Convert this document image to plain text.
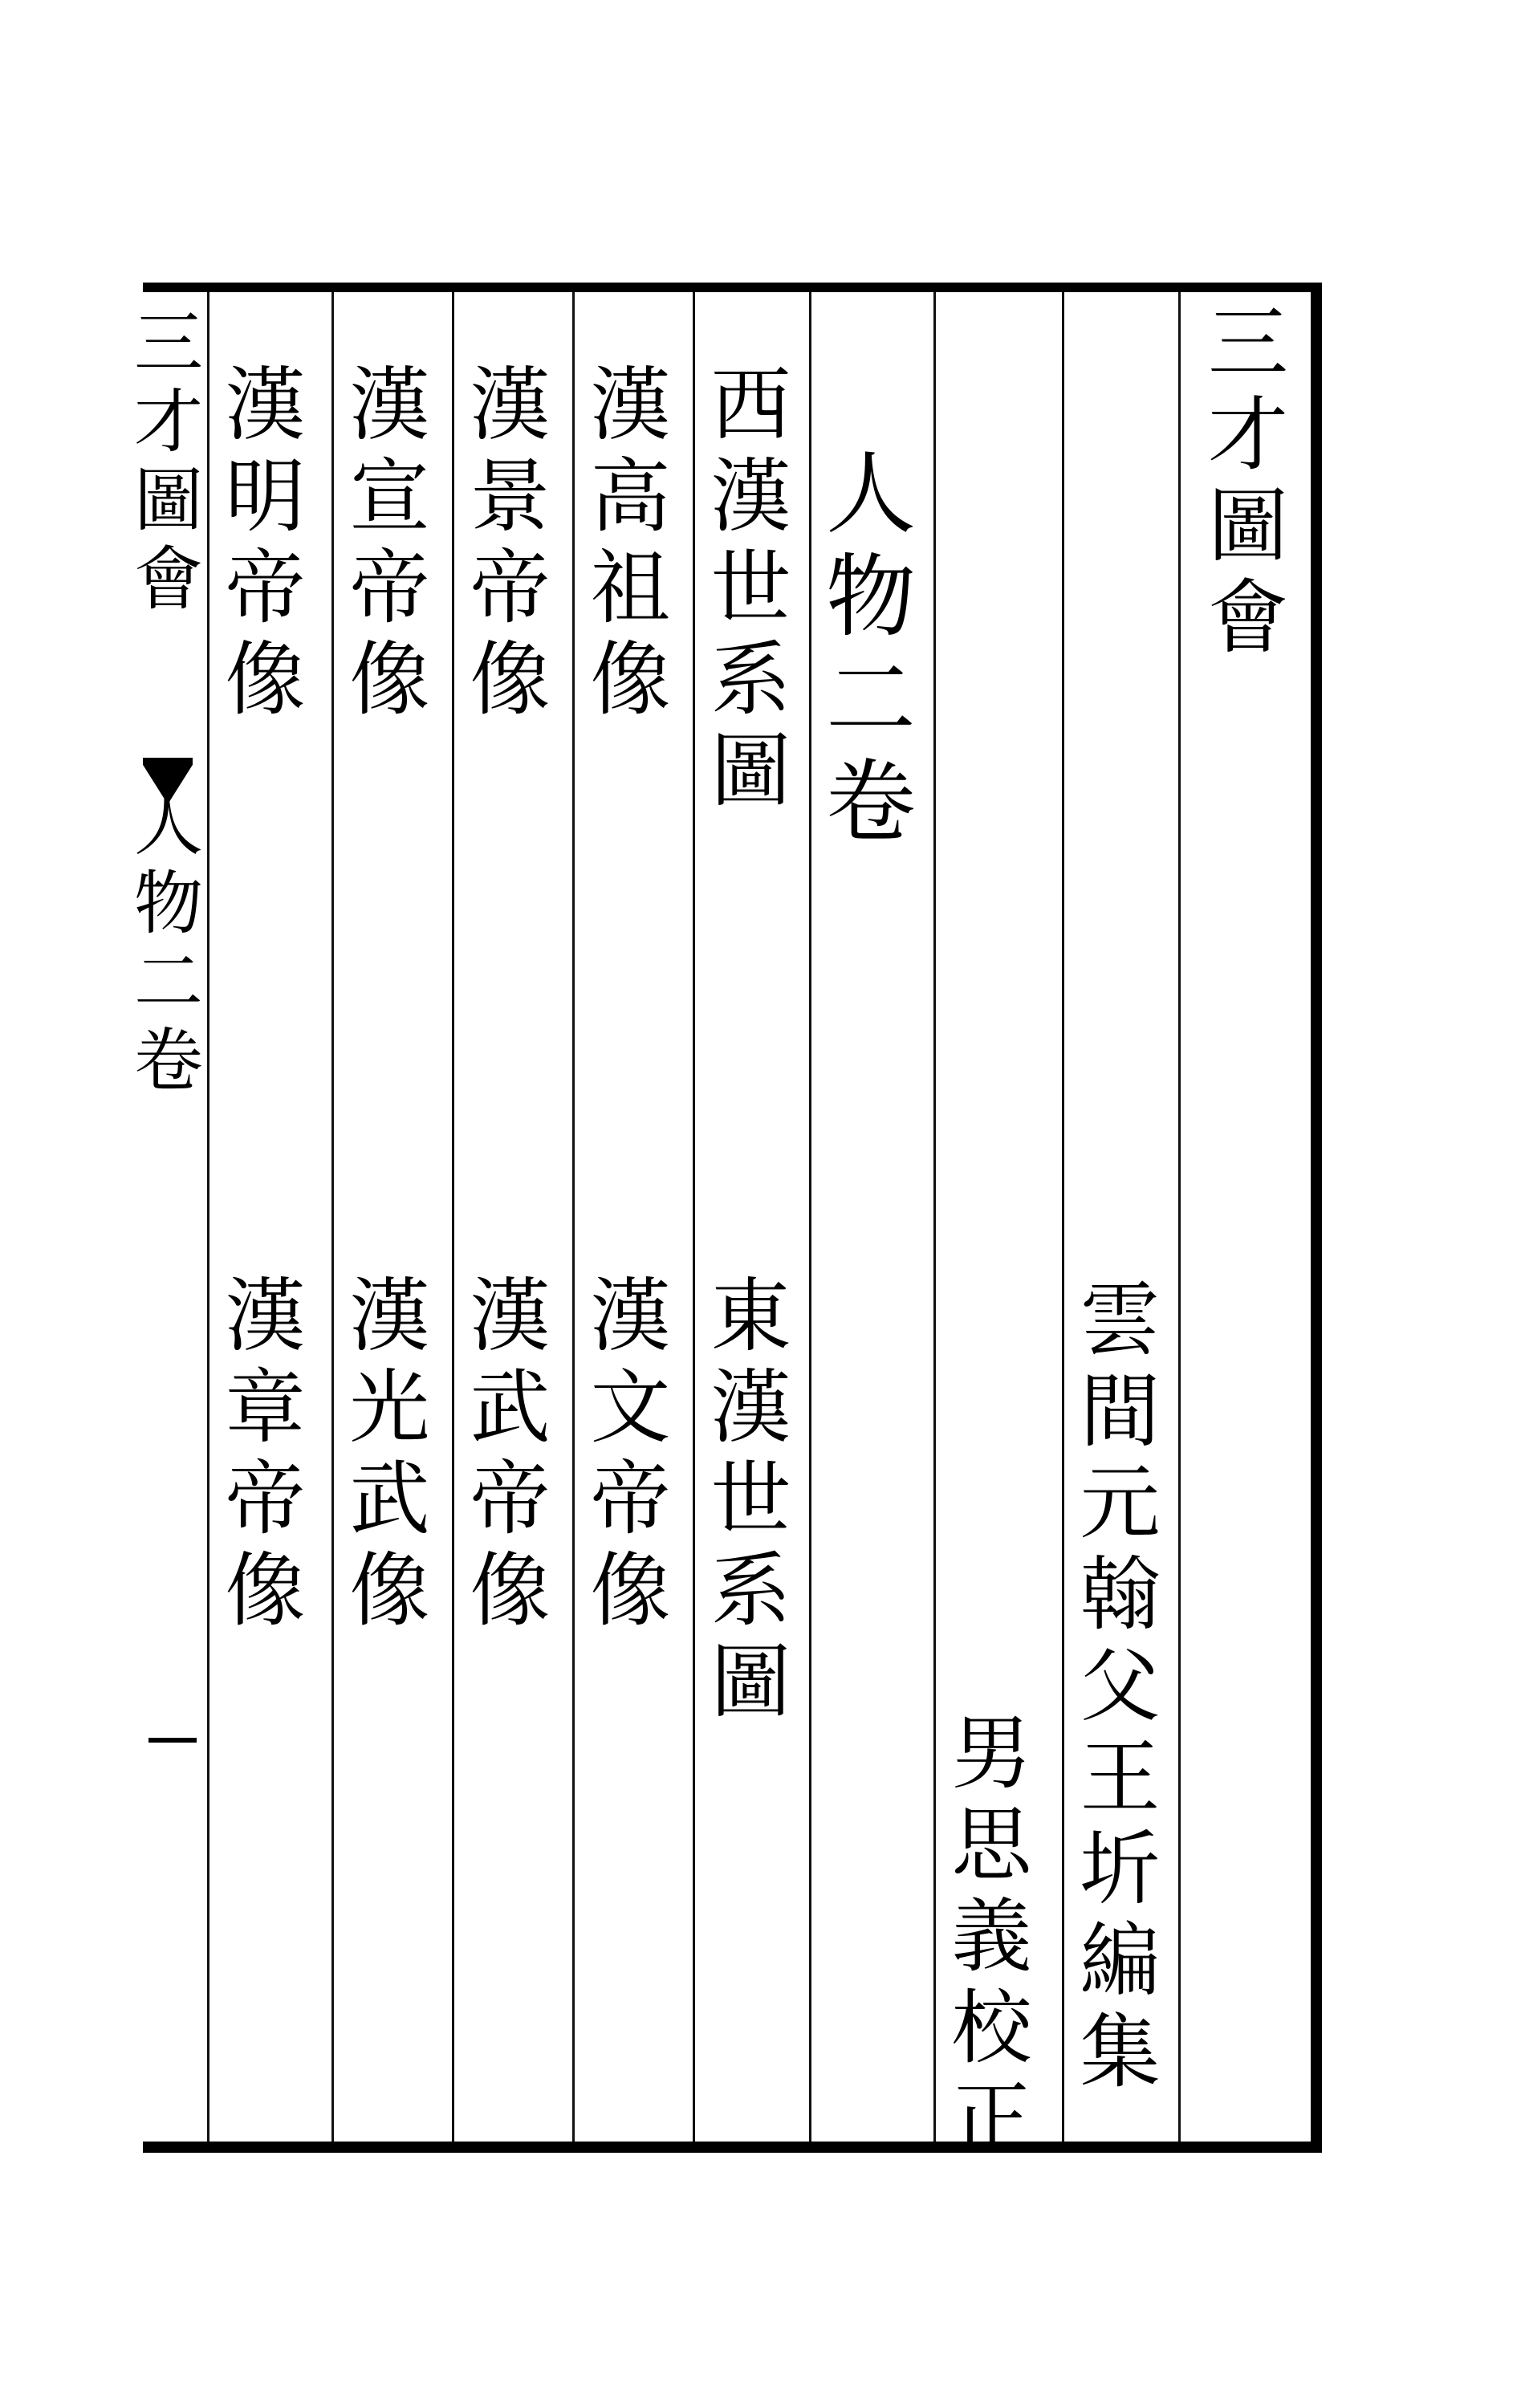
三
才
圖
會
雲
間
元
翰
父
王
圻
編
集
男
思
義
校
正
人
物
二
卷
西
漢
世
系
圖
漢
高
祖
像
漢
景
帝
像
漢
宣
帝
像
漢
明
帝
像
東
漢
世
系
圖
漢
文
帝
像
漢
武
帝
像
漢
光
武
像
漢
章
帝
像
三
才
圖
會
人
物
二
卷
